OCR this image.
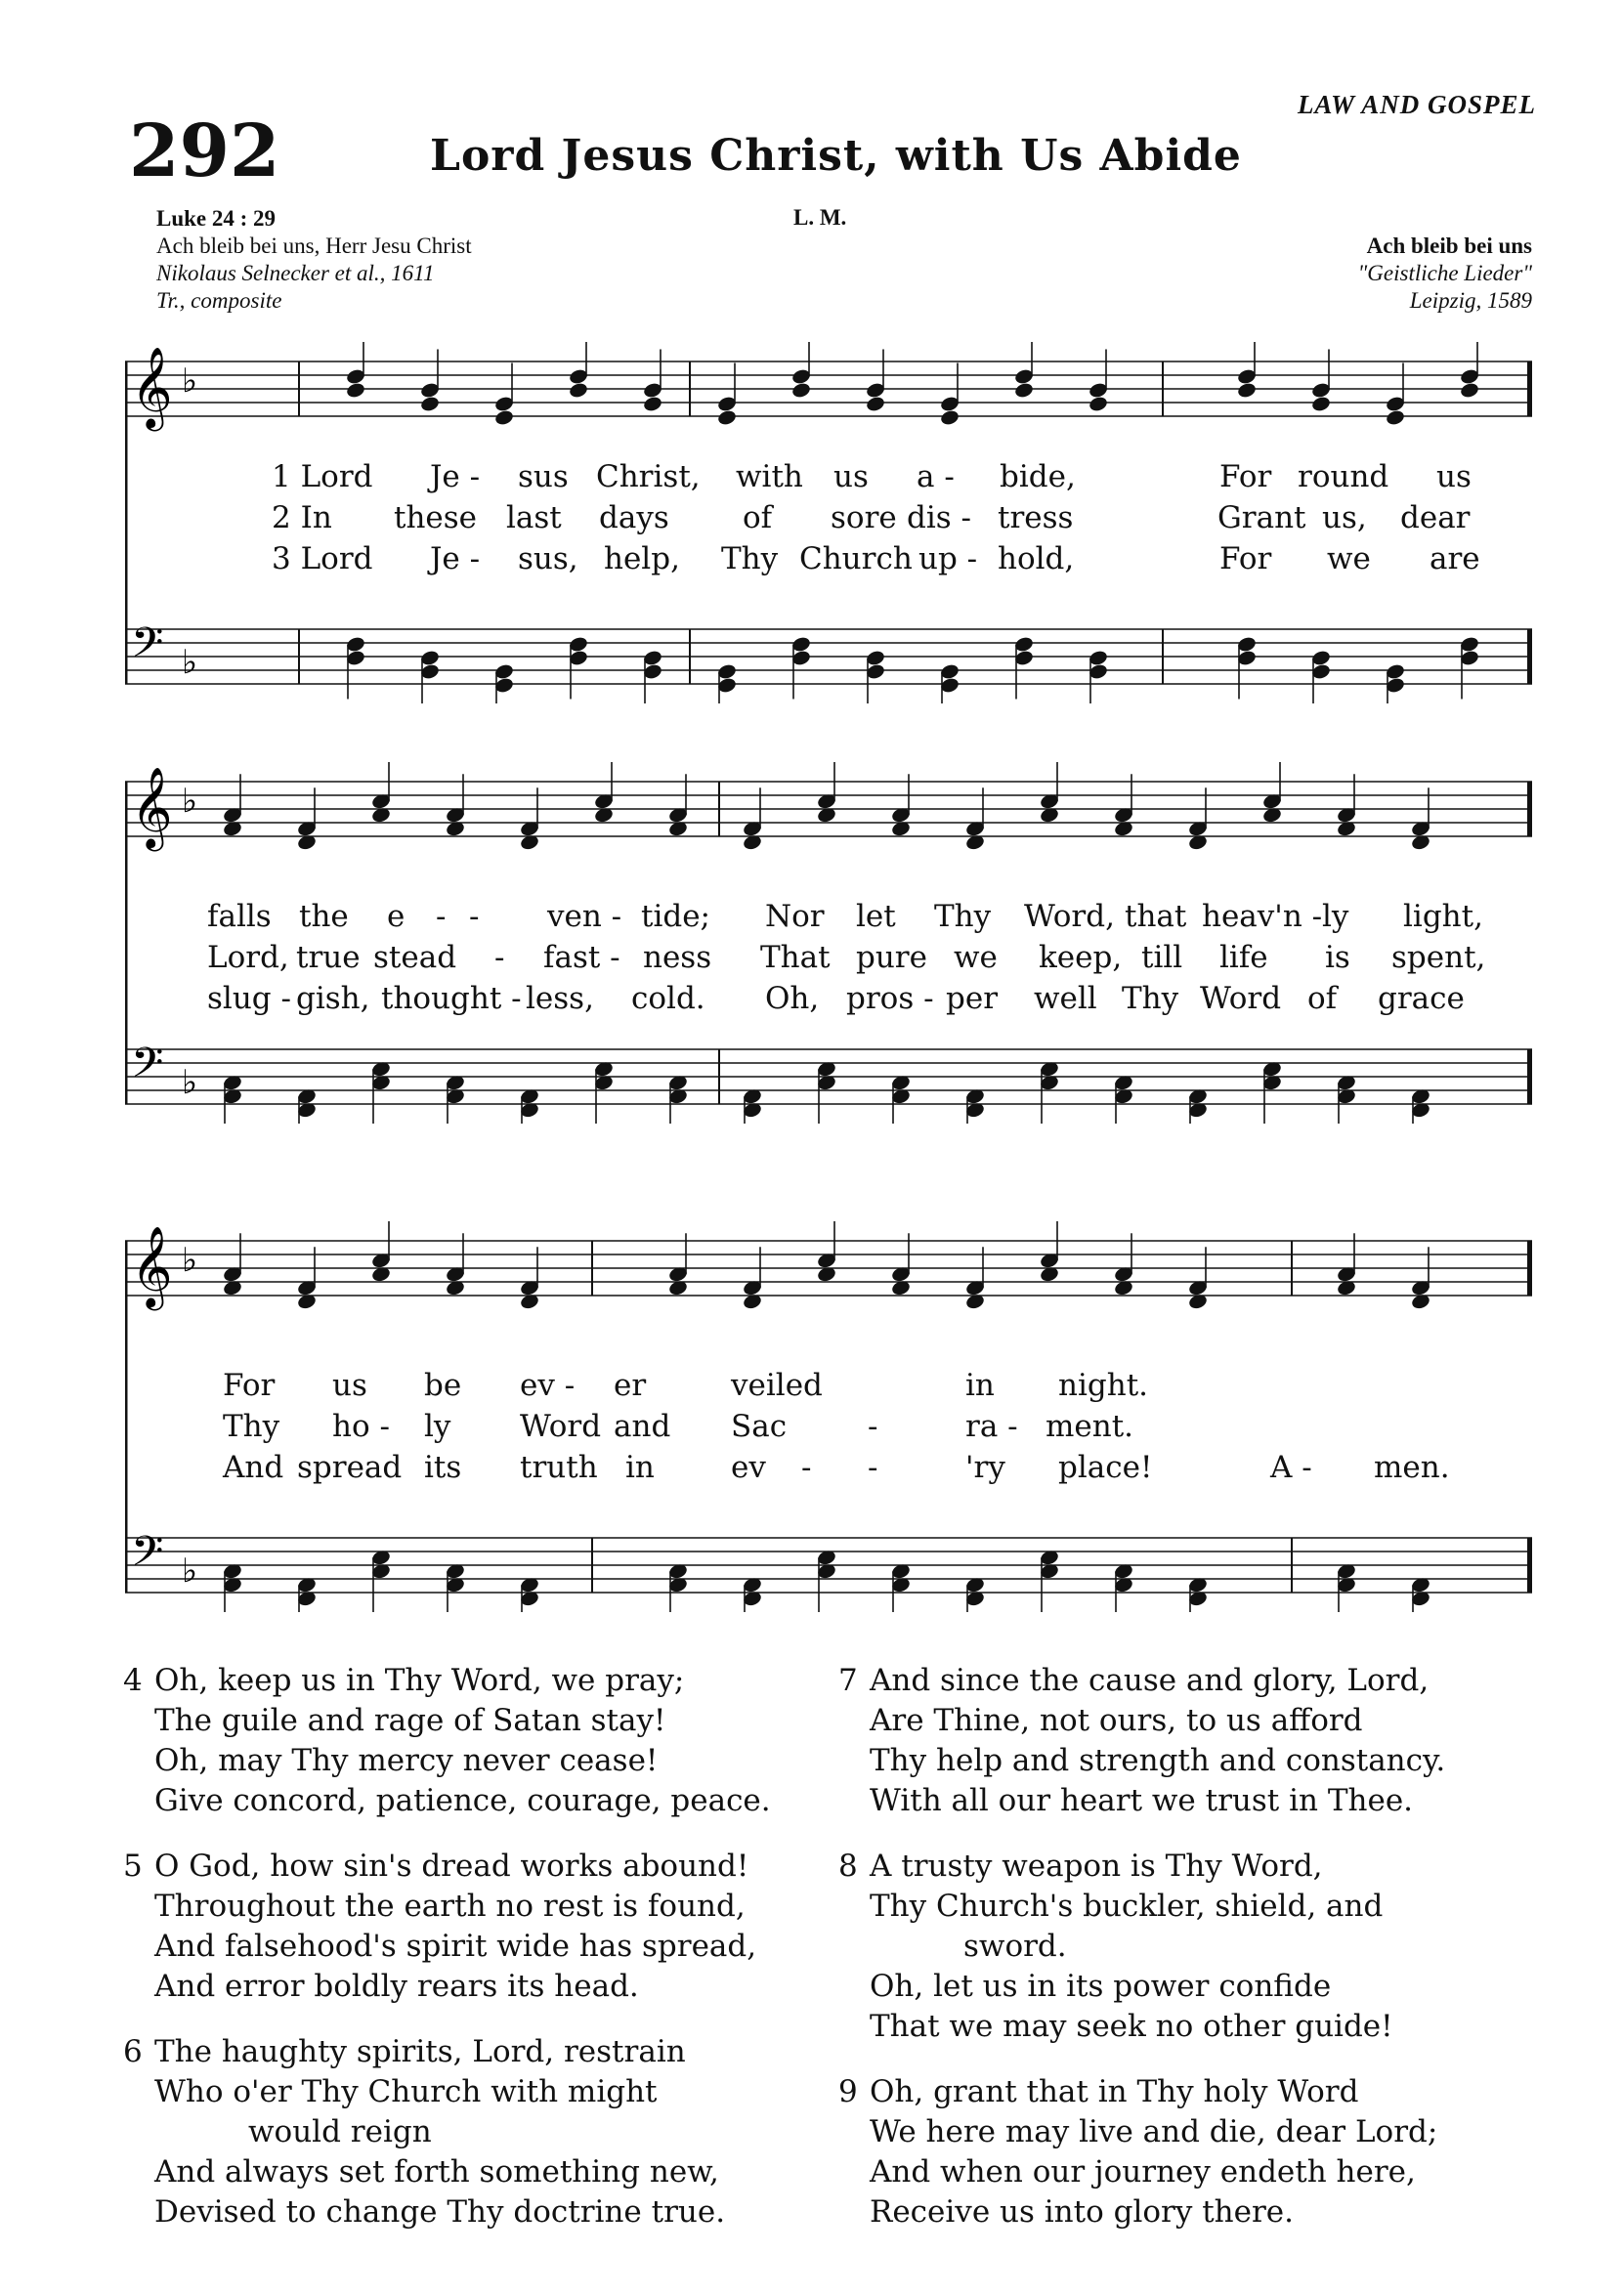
LAW AND GOSPEL
292	Lord Jesus Christ, with Us Abide
Luke 24 : 29
Ach bleib bei uns, Herr Jesu Christ
Nikolaus Selnecker et al., 1611
Tr., composite
L. M.
Ach bleib bei uns
"Geistliche Lieder"
Leipzig, 1589
𝄞 ♭
𝄢 ♭
1 Lord Je - sus Christ, with us a - bide,	For round us
2 In these last days of sore dis - tress	Grant us, dear
3 Lord Je - sus, help, Thy Church up - hold,	For we are
𝄞 ♭
𝄢 ♭
falls the e - - ven - tide; Nor let Thy Word, that heav'n - ly light,
Lord, true stead - fast - ness That pure we keep, till life is spent,
slug - gish, thought - less, cold. Oh, pros - per well Thy Word of grace
𝄞 ♭
𝄢 ♭
For us be ev - er	veiled	in night.
Thy ho - ly Word and Sac	-	ra - ment.
And spread its truth in	ev - -	'ry place!	A - men.
4 Oh, keep us in Thy Word, we pray;
The guile and rage of Satan stay!
Oh, may Thy mercy never cease!
Give concord, patience, courage, peace.
5 O God, how sin's dread works abound!
Throughout the earth no rest is found,
And falsehood's spirit wide has spread,
And error boldly rears its head.
6 The haughty spirits, Lord, restrain
Who o'er Thy Church with might
would reign
And always set forth something new,
Devised to change Thy doctrine true.
7 And since the cause and glory, Lord,
Are Thine, not ours, to us afford
Thy help and strength and constancy.
With all our heart we trust in Thee.
8 A trusty weapon is Thy Word,
Thy Church's buckler, shield, and
sword.
Oh, let us in its power confide
That we may seek no other guide!
9 Oh, grant that in Thy holy Word
We here may live and die, dear Lord;
And when our journey endeth here,
Receive us into glory there.
